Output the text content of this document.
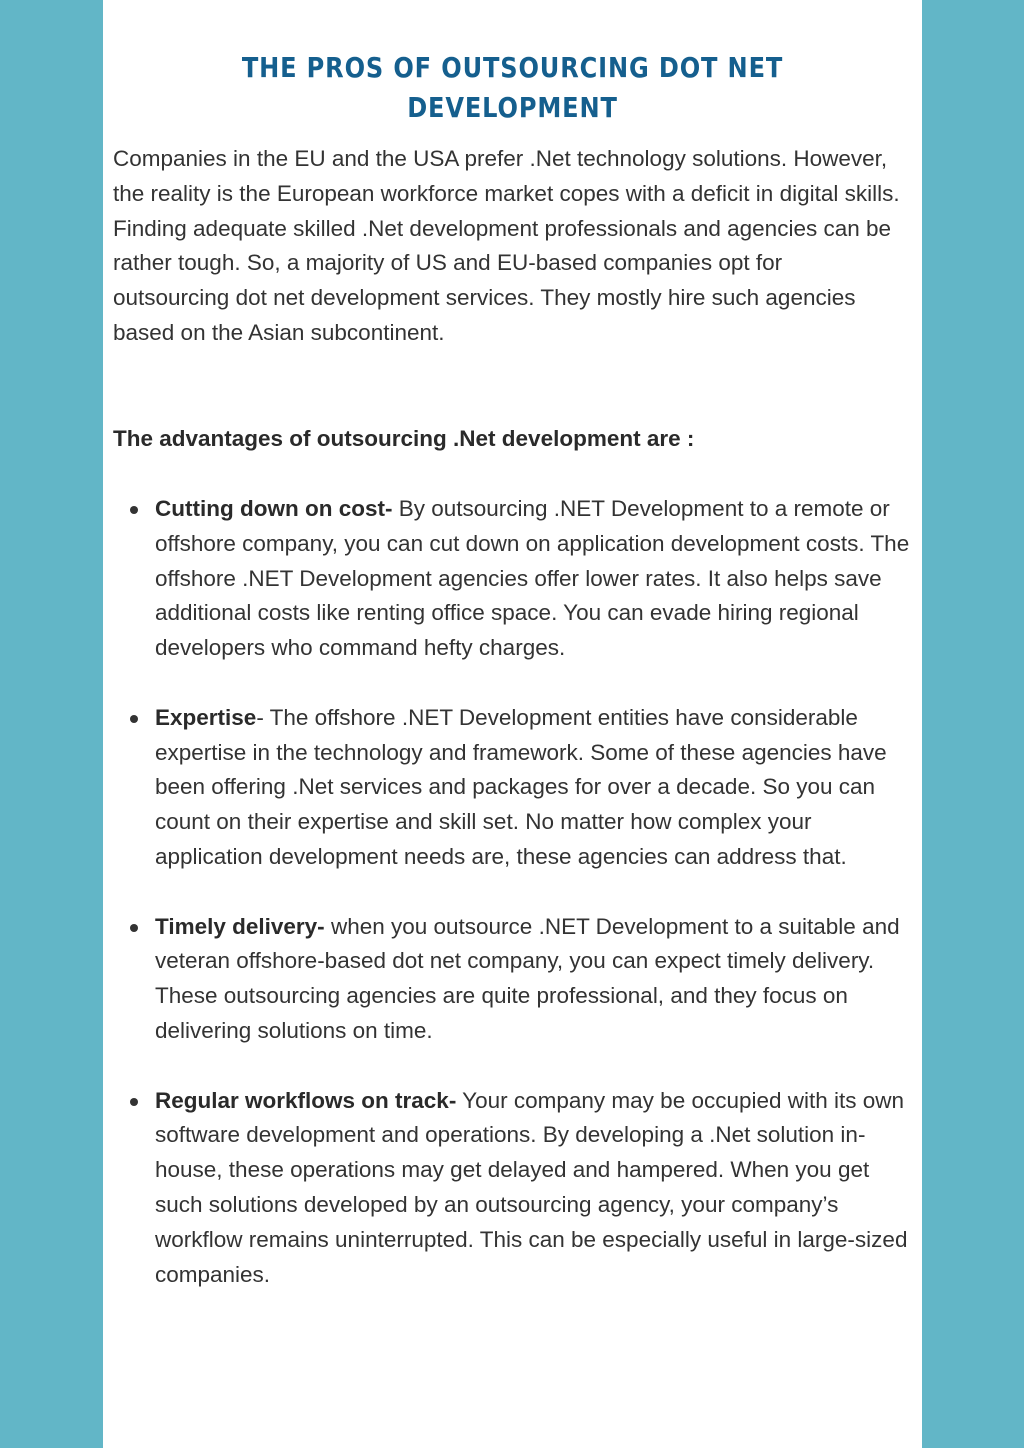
THE PROS OF OUTSOURCING DOT NET DEVELOPMENT

Companies in the EU and the USA prefer .Net technology solutions. However, the reality is the European workforce market copes with a deficit in digital skills. Finding adequate skilled .Net development professionals and agencies can be rather tough. So, a majority of US and EU-based companies opt for outsourcing dot net development services. They mostly hire such agencies based on the Asian subcontinent.

The advantages of outsourcing .Net development are :

Cutting down on cost- By outsourcing .NET Development to a remote or offshore company, you can cut down on application development costs. The offshore .NET Development agencies offer lower rates. It also helps save additional costs like renting office space. You can evade hiring regional developers who command hefty charges.
Expertise- The offshore .NET Development entities have considerable expertise in the technology and framework. Some of these agencies have been offering .Net services and packages for over a decade. So you can count on their expertise and skill set. No matter how complex your application development needs are, these agencies can address that.
Timely delivery- when you outsource .NET Development to a suitable and veteran offshore-based dot net company, you can expect timely delivery. These outsourcing agencies are quite professional, and they focus on delivering solutions on time.
Regular workflows on track- Your company may be occupied with its own software development and operations. By developing a .Net solution in-house, these operations may get delayed and hampered. When you get such solutions developed by an outsourcing agency, your company’s workflow remains uninterrupted. This can be especially useful in large-sized companies.
